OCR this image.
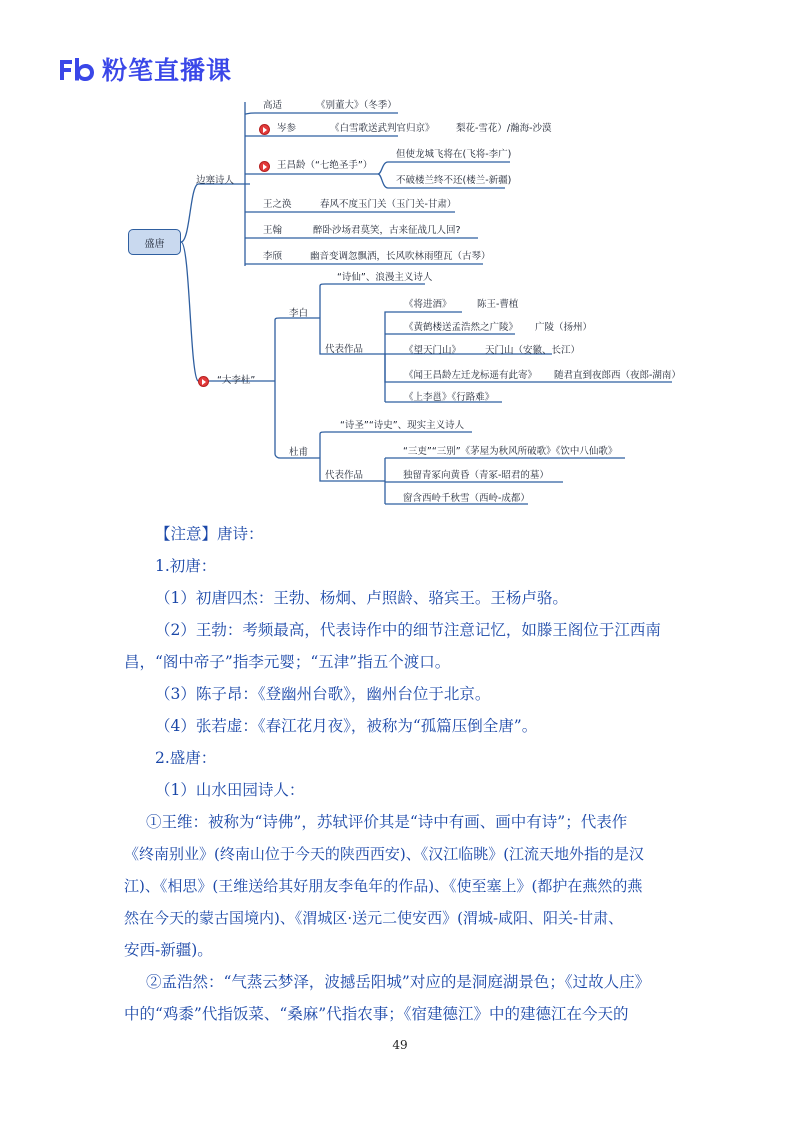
粉笔直播课
盛唐
边塞诗人
高适	《别董大》（冬季）
岑参	《白雪歌送武判官归京》 梨花-雪花）/瀚海-沙漠
王昌龄（“七绝圣手”）
但使龙城飞将在(飞将-李广)
不破楼兰终不还(楼兰-新疆)
王之涣	春风不度玉门关（玉门关-甘肃）
王翰	醉卧沙场君莫笑，古来征战几人回?
李颀	幽音变调忽飘洒，长风吹林雨堕瓦（古琴）
“大李杜”
李白
“诗仙”、浪漫主义诗人
代表作品
《将进酒》	陈王-曹植
《黄鹤楼送孟浩然之广陵》 广陵（扬州）
《望天门山》	天门山（安徽、长江）
《闻王昌龄左迁龙标遥有此寄》 随君直到夜郎西（夜郎-湖南）
《上李邕》《行路难》
杜甫
“诗圣”“诗史”、现实主义诗人
代表作品
“三吏”“三别”《茅屋为秋风所破歌》《饮中八仙歌》
独留青冢向黄昏（青冢-昭君的墓）
窗含西岭千秋雪（西岭-成都）
【注意】唐诗：
1.初唐：
（1）初唐四杰：王勃、杨炯、卢照龄、骆宾王。王杨卢骆。
（2）王勃：考频最高，代表诗作中的细节注意记忆，如滕王阁位于江西南
昌，“阁中帝子”指李元婴；“五津”指五个渡口。
（3）陈子昂：《登幽州台歌》，幽州台位于北京。
（4）张若虚：《春江花月夜》，被称为“孤篇压倒全唐”。
2.盛唐：
（1）山水田园诗人：
①王维：被称为“诗佛”，苏轼评价其是“诗中有画、画中有诗”；代表作
《终南别业》(终南山位于今天的陕西西安)、《汉江临眺》(江流天地外指的是汉
江)、《相思》(王维送给其好朋友李龟年的作品)、《使至塞上》(都护在燕然的燕
然在今天的蒙古国境内)、《渭城区·送元二使安西》(渭城-咸阳、阳关-甘肃、
安西-新疆)。
②孟浩然：“气蒸云梦泽，波撼岳阳城”对应的是洞庭湖景色；《过故人庄》
中的“鸡黍”代指饭菜、“桑麻”代指农事；《宿建德江》中的建德江在今天的
49
